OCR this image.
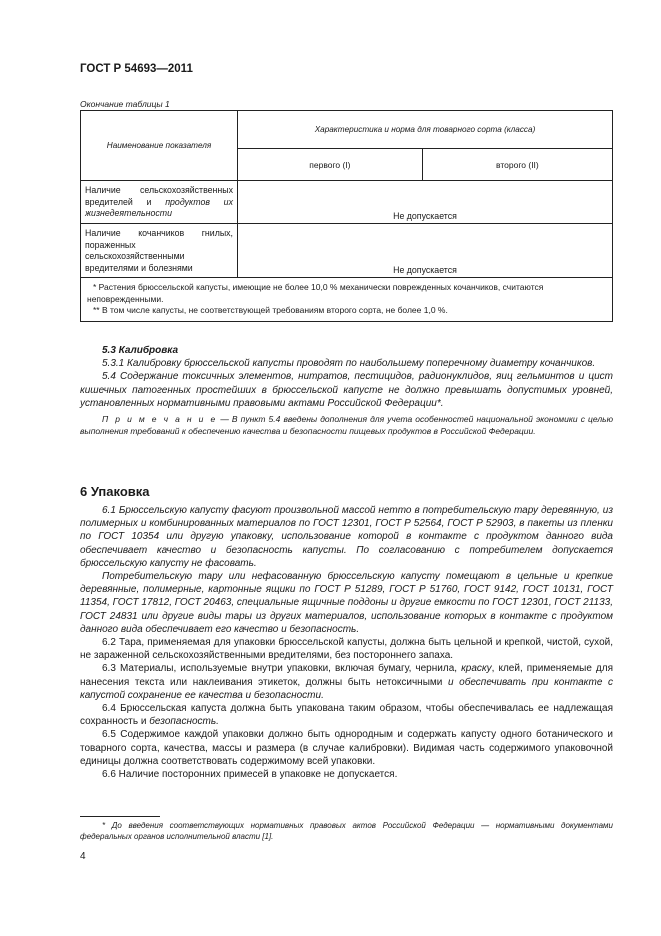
ГОСТ Р 54693—2011
Окончание таблицы 1
Наименование показателя	Характеристика и норма для товарного сорта (класса)	
	первого (I)	второго (II)
Наличие сельскохозяйственных вредителей и продуктов их жизнедеятельности	Не допускается	
Наличие кочанчиков гнилых, пораженных сельскохозяйственными вредителями и болезнями	Не допускается	

* Растения брюссельской капусты, имеющие не более 10,0 % механически поврежденных кочанчиков, считаются неповрежденными.

** В том числе капусты, не соответствующей требованиям второго сорта, не более 1,0 %.		

5.3 Калибровка

5.3.1 Калибровку брюссельской капусты проводят по наибольшему поперечному диаметру кочанчиков.

5.4 Содержание токсичных элементов, нитратов, пестицидов, радионуклидов, яиц гельминтов и цист кишечных патогенных простейших в брюссельской капусте не должно превышать допустимых уровней, установленных нормативными правовыми актами Российской Федерации*.

П р и м е ч а н и е — В пункт 5.4 введены дополнения для учета особенностей национальной экономики с целью выполнения требований к обеспечению качества и безопасности пищевых продуктов в Российской Федерации.

6 Упаковка

6.1 Брюссельскую капусту фасуют произвольной массой нетто в потребительскую тару деревянную, из полимерных и комбинированных материалов по ГОСТ 12301, ГОСТ Р 52564, ГОСТ Р 52903, в пакеты из пленки по ГОСТ 10354 или другую упаковку, использование которой в контакте с продуктом данного вида обеспечивает качество и безопасность капусты. По согласованию с потребителем допускается брюссельскую капусту не фасовать.

Потребительскую тару или нефасованную брюссельскую капусту помещают в цельные и крепкие деревянные, полимерные, картонные ящики по ГОСТ Р 51289, ГОСТ Р 51760, ГОСТ 9142, ГОСТ 10131, ГОСТ 11354, ГОСТ 17812, ГОСТ 20463, специальные ящичные поддоны и другие емкости по ГОСТ 12301, ГОСТ 21133, ГОСТ 24831 или другие виды тары из других материалов, использование которых в контакте с продуктом данного вида обеспечивает его качество и безопасность.

6.2 Тара, применяемая для упаковки брюссельской капусты, должна быть цельной и крепкой, чистой, сухой, не зараженной сельскохозяйственными вредителями, без постороннего запаха.

6.3 Материалы, используемые внутри упаковки, включая бумагу, чернила, краску, клей, применяемые для нанесения текста или наклеивания этикеток, должны быть нетоксичными и обеспечивать при контакте с капустой сохранение ее качества и безопасности.

6.4 Брюссельская капуста должна быть упакована таким образом, чтобы обеспечивалась ее надлежащая сохранность и безопасность.

6.5 Содержимое каждой упаковки должно быть однородным и содержать капусту одного ботанического и товарного сорта, качества, массы и размера (в случае калибровки). Видимая часть содержимого упаковочной единицы должна соответствовать содержимому всей упаковки.

6.6 Наличие посторонних примесей в упаковке не допускается.

* До введения соответствующих нормативных правовых актов Российской Федерации — нормативными документами федеральных органов исполнительной власти [1].

4
